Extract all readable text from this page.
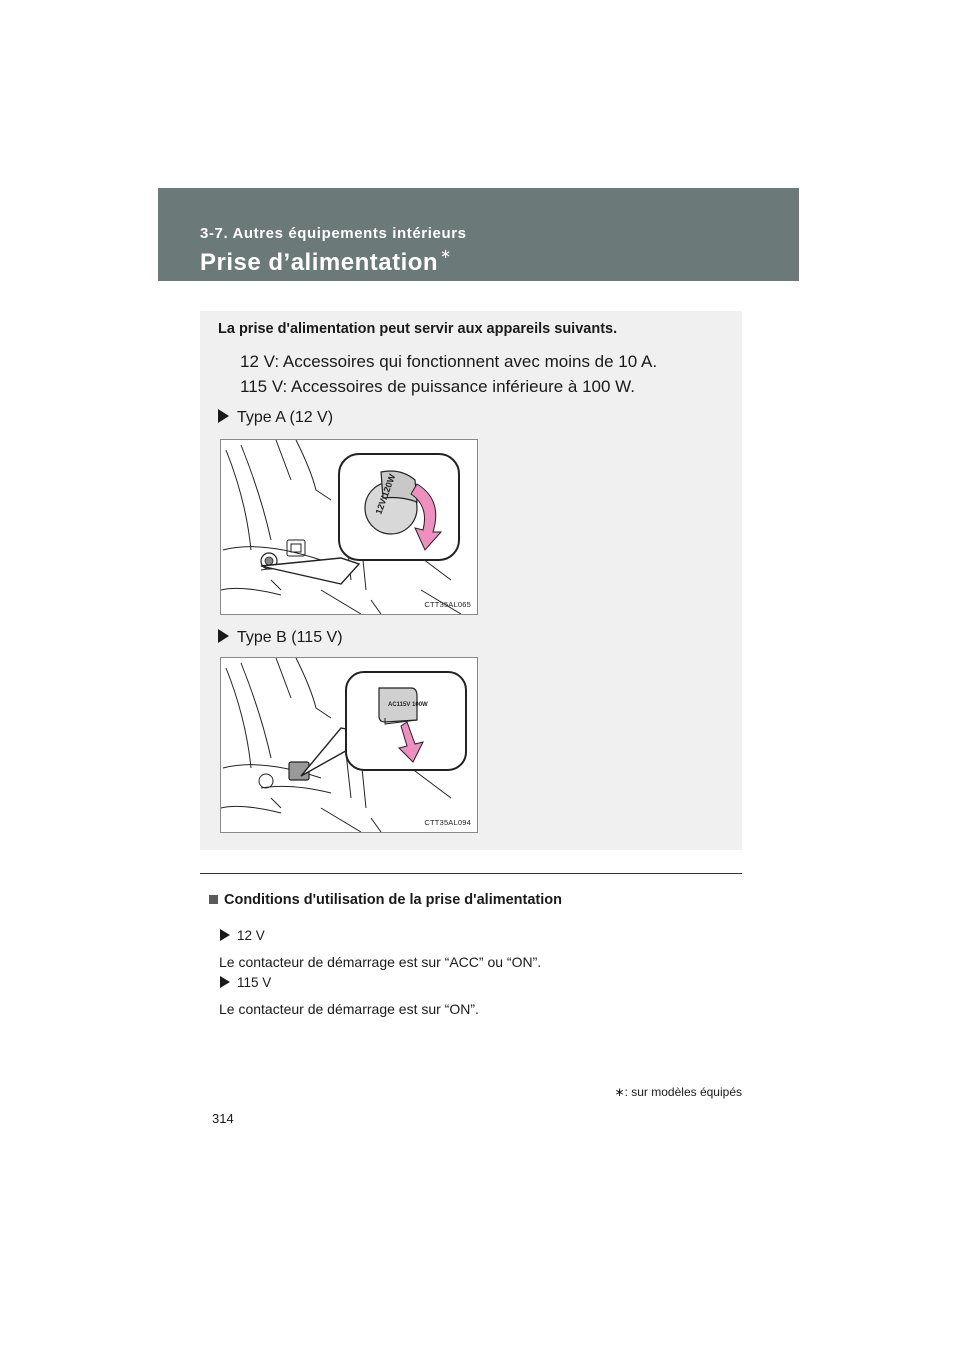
3-7. Autres équipements intérieurs
Prise d’alimentation ∗
La prise d'alimentation peut servir aux appareils suivants.
12 V: Accessoires qui fonctionnent avec moins de 10 A.
115 V: Accessoires de puissance inférieure à 100 W.
Type A (12 V)
12V/120W
CTT35AL065
Type B (115 V)
AC115V 100W
CTT35AL094
Conditions d'utilisation de la prise d'alimentation
12 V
Le contacteur de démarrage est sur “ACC” ou “ON”.
115 V
Le contacteur de démarrage est sur “ON”.
∗: sur modèles équipés
314
